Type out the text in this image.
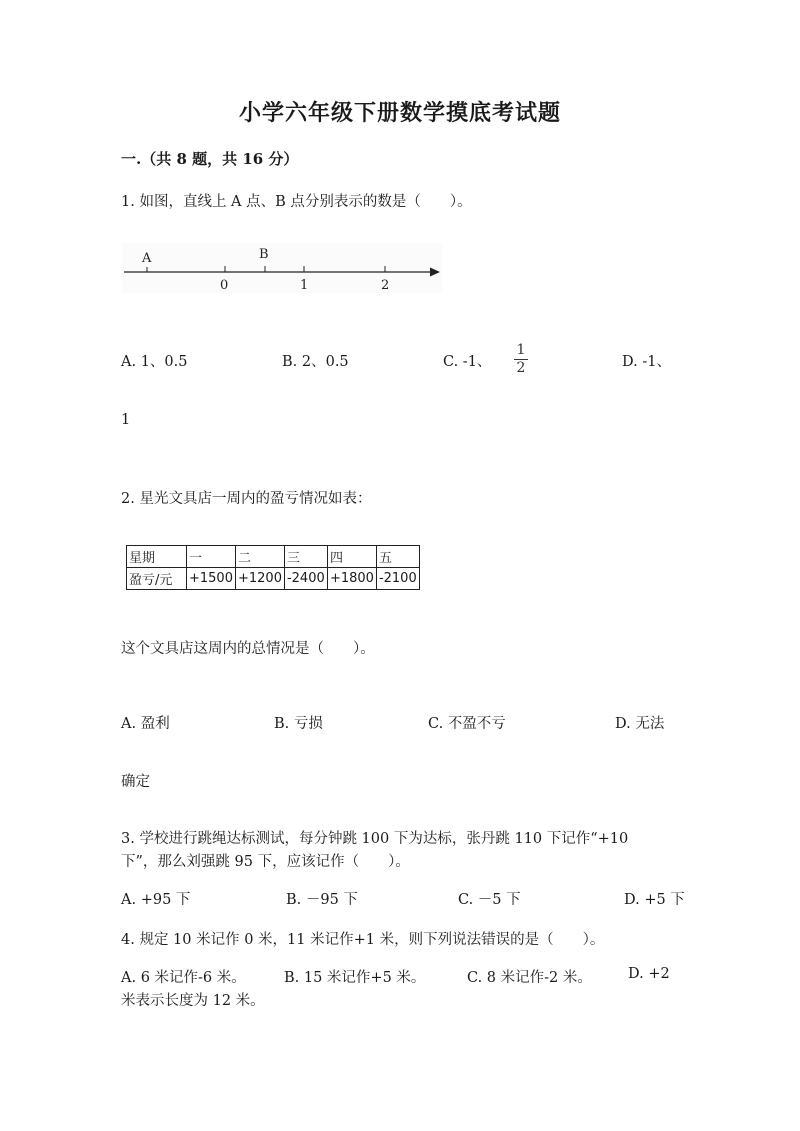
小学六年级下册数学摸底考试题
一.（共 8 题，共 16 分）
1. 如图，直线上 A 点、B 点分别表示的数是（　　）。
A	B
0	1	2
A. 1、0.5	B. 2、0.5	C. -1、
1
2	D. -1、
1
2. 星光文具店一周内的盈亏情况如表：
星期	一	二	三	四	五
盈亏/元	+1500	+1200	-2400	+1800	-2100
这个文具店这周内的总情况是（　　）。
A. 盈利	B. 亏损	C. 不盈不亏	D. 无法
确定
3. 学校进行跳绳达标测试，每分钟跳 100 下为达标，张丹跳 110 下记作“+10
下”，那么刘强跳 95 下，应该记作（　　）。
A. +95 下	B. －95 下	C. －5 下	D. +5 下
4. 规定 10 米记作 0 米，11 米记作+1 米，则下列说法错误的是（　　）。
A. 6 米记作-6 米。	B. 15 米记作+5 米。	C. 8 米记作-2 米。 D. +2
米表示长度为 12 米。
